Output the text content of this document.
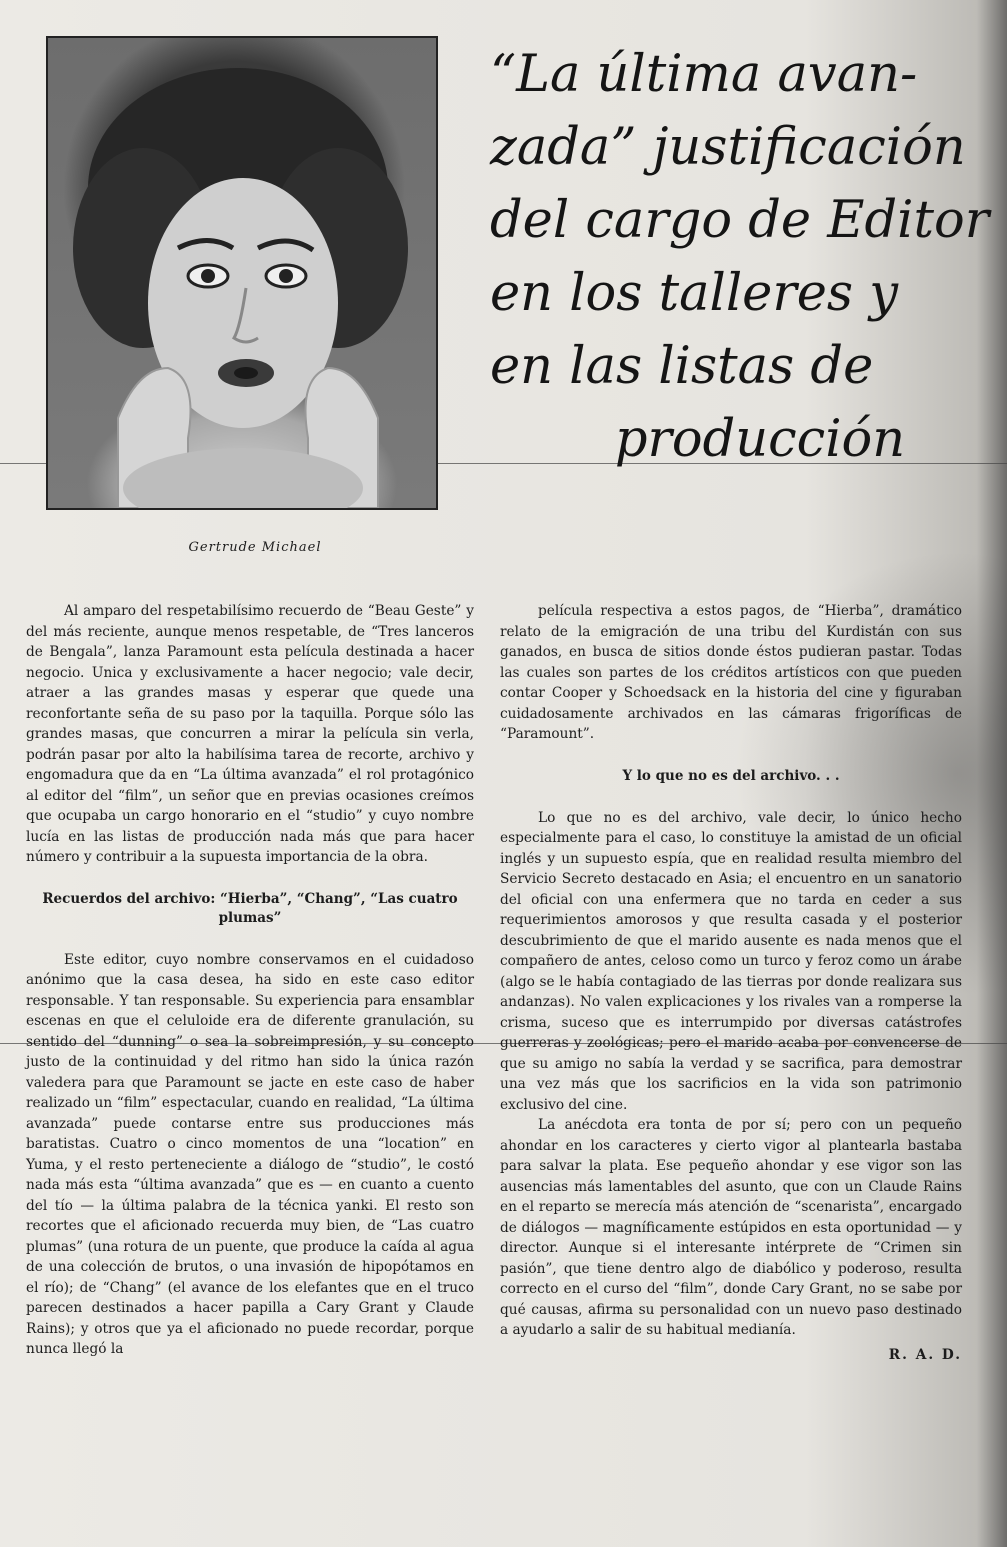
Gertrude Michael
“La última avan-
zada” justificación
del cargo de Editor
en los talleres y
en las listas de
producción

Al amparo del respetabilísimo recuerdo de “Beau Geste” y del más reciente, aunque menos respetable, de “Tres lanceros de Bengala”, lanza Paramount esta película destinada a hacer negocio. Unica y exclusivamente a hacer negocio; vale decir, atraer a las grandes masas y esperar que quede una reconfortante seña de su paso por la taquilla. Porque sólo las grandes masas, que concurren a mirar la película sin verla, podrán pasar por alto la habilísima tarea de recorte, archivo y engomadura que da en “La última avanzada” el rol protagónico al editor del “film”, un señor que en previas ocasiones creímos que ocupaba un cargo honorario en el “studio” y cuyo nombre lucía en las listas de producción nada más que para hacer número y contribuir a la supuesta importancia de la obra.

Recuerdos del archivo: “Hierba”, “Chang”, “Las cuatro plumas”

Este editor, cuyo nombre conservamos en el cuidadoso anónimo que la casa desea, ha sido en este caso editor responsable. Y tan responsable. Su experiencia para ensamblar escenas en que el celuloide era de diferente granulación, su sentido del “dunning” o sea la sobreimpresión, y su concepto justo de la continuidad y del ritmo han sido la única razón valedera para que Paramount se jacte en este caso de haber realizado un “film” espectacular, cuando en realidad, “La última avanzada” puede contarse entre sus producciones más baratistas. Cuatro o cinco momentos de una “location” en Yuma, y el resto perteneciente a diálogo de “studio”, le costó nada más esta “última avanzada” que es — en cuanto a cuento del tío — la última palabra de la técnica yanki. El resto son recortes que el aficionado recuerda muy bien, de “Las cuatro plumas” (una rotura de un puente, que produce la caída al agua de una colección de brutos, o una invasión de hipopótamos en el río); de “Chang” (el avance de los elefantes que en el truco parecen destinados a hacer papilla a Cary Grant y Claude Rains); y otros que ya el aficionado no puede recordar, porque nunca llegó la

película respectiva a estos pagos, de “Hierba”, dramático relato de la emigración de una tribu del Kurdistán con sus ganados, en busca de sitios donde éstos pudieran pastar. Todas las cuales son partes de los créditos artísticos con que pueden contar Cooper y Schoedsack en la historia del cine y figuraban cuidadosamente archivados en las cámaras frigoríficas de “Paramount”.

Y lo que no es del archivo. . .

Lo que no es del archivo, vale decir, lo único hecho especialmente para el caso, lo constituye la amistad de un oficial inglés y un supuesto espía, que en realidad resulta miembro del Servicio Secreto destacado en Asia; el encuentro en un sanatorio del oficial con una enfermera que no tarda en ceder a sus requerimientos amorosos y que resulta casada y el posterior descubrimiento de que el marido ausente es nada menos que el compañero de antes, celoso como un turco y feroz como un árabe (algo se le había contagiado de las tierras por donde realizara sus andanzas). No valen explicaciones y los rivales van a romperse la crisma, suceso que es interrumpido por diversas catástrofes guerreras y zoológicas; pero el marido acaba por convencerse de que su amigo no sabía la verdad y se sacrifica, para demostrar una vez más que los sacrificios en la vida son patrimonio exclusivo del cine.

La anécdota era tonta de por sí; pero con un pequeño ahondar en los caracteres y cierto vigor al plantearla bastaba para salvar la plata. Ese pequeño ahondar y ese vigor son las ausencias más lamentables del asunto, que con un Claude Rains en el reparto se merecía más atención de “scenarista”, encargado de diálogos — magníficamente estúpidos en esta oportunidad — y director. Aunque si el interesante intérprete de “Crimen sin pasión”, que tiene dentro algo de diabólico y poderoso, resulta correcto en el curso del “film”, donde Cary Grant, no se sabe por qué causas, afirma su personalidad con un nuevo paso destinado a ayudarlo a salir de su habitual medianía.

R. A. D.
